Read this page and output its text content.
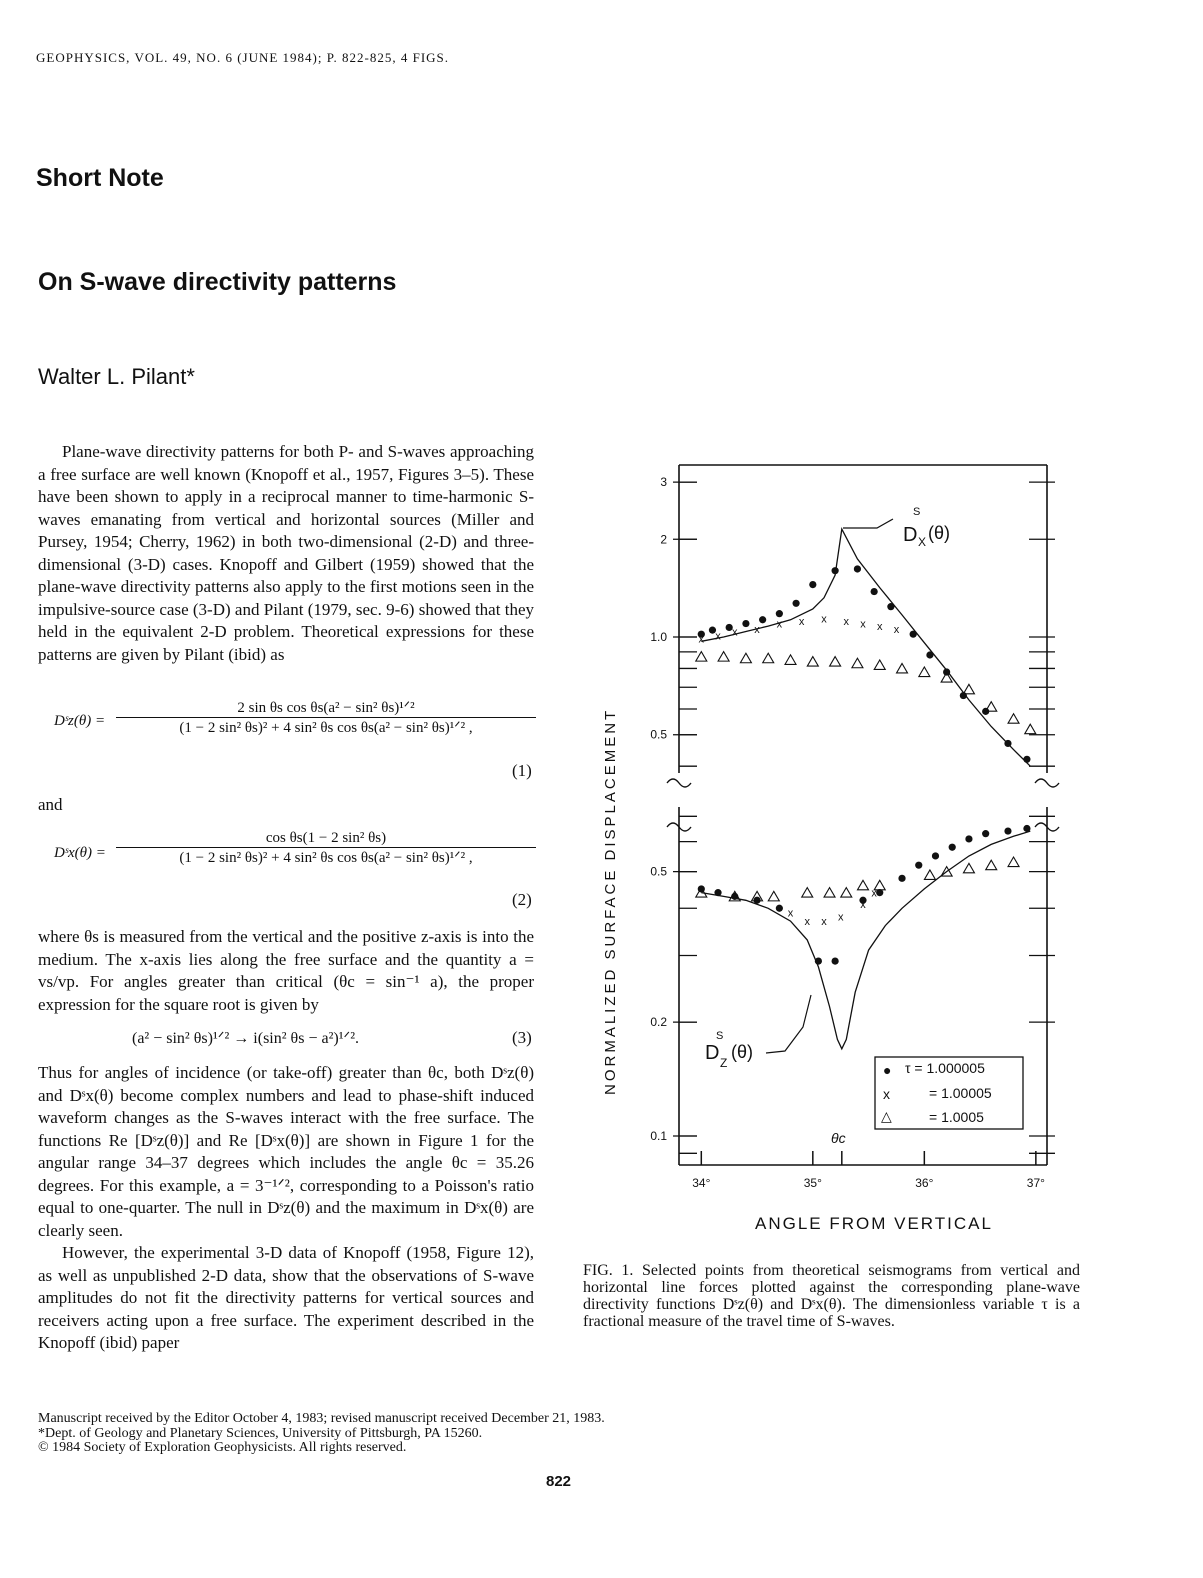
GEOPHYSICS, VOL. 49, NO. 6 (JUNE 1984); P. 822-825, 4 FIGS.
Short Note
On S-wave directivity patterns
Walter L. Pilant*

Plane-wave directivity patterns for both P- and S-waves approaching a free surface are well known (Knopoff et al., 1957, Figures 3–5). These have been shown to apply in a reciprocal manner to time-harmonic S-waves emanating from vertical and horizontal sources (Miller and Pursey, 1954; Cherry, 1962) in both two-dimensional (2-D) and three-dimensional (3-D) cases. Knopoff and Gilbert (1959) showed that the plane-wave directivity patterns also apply to the first motions seen in the impulsive-source case (3-D) and Pilant (1979, sec. 9-6) showed that they held in the equivalent 2-D problem. Theoretical expressions for these patterns are given by Pilant (ibid) as

Dˢz(θ) =
2 sin θs cos θs(a² − sin² θs)¹ᐟ²
(1 − 2 sin² θs)² + 4 sin² θs cos θs(a² − sin² θs)¹ᐟ² ,
(1)
and
Dˢx(θ) =
cos θs(1 − 2 sin² θs)
(1 − 2 sin² θs)² + 4 sin² θs cos θs(a² − sin² θs)¹ᐟ² ,
(2)

where θs is measured from the vertical and the positive z-axis is into the medium. The x-axis lies along the free surface and the quantity a = vs/vp. For angles greater than critical (θc = sin⁻¹ a), the proper expression for the square root is given by

(a² − sin² θs)¹ᐟ² → i(sin² θs − a²)¹ᐟ².	(3)

Thus for angles of incidence (or take-off) greater than θc, both Dˢz(θ) and Dˢx(θ) become complex numbers and lead to phase-shift induced waveform changes as the S-waves interact with the free surface. The functions Re [Dˢz(θ)] and Re [Dˢx(θ)] are shown in Figure 1 for the angular range 34–37 degrees which includes the angle θc = 35.26 degrees. For this example, a = 3⁻¹ᐟ², corresponding to a Poisson's ratio equal to one-quarter. The null in Dˢz(θ) and the maximum in Dˢx(θ) are clearly seen.

However, the experimental 3-D data of Knopoff (1958, Figure 12), as well as unpublished 2-D data, show that the observations of S-wave amplitudes do not fit the directivity patterns for vertical sources and receivers acting upon a free surface. The experiment described in the Knopoff (ibid) paper

x x x x x x x x x x x
x
x x x
x
x
3
2
1.0
0.5
0.5
0.2
0.1
34°	35°	36°	37°
NORMALIZED SURFACE DISPLACEMENT
ANGLE FROM VERTICAL
θc
D
S
X (θ)
D
S
Z
(θ)
● τ = 1.000005
x	= 1.00005
△	= 1.0005

FIG. 1. Selected points from theoretical seismograms from vertical and horizontal line forces plotted against the corresponding plane-wave directivity functions Dˢz(θ) and Dˢx(θ). The dimensionless variable τ is a fractional measure of the travel time of S-waves.

Manuscript received by the Editor October 4, 1983; revised manuscript received December 21, 1983.
*Dept. of Geology and Planetary Sciences, University of Pittsburgh, PA 15260.
© 1984 Society of Exploration Geophysicists. All rights reserved.
822
